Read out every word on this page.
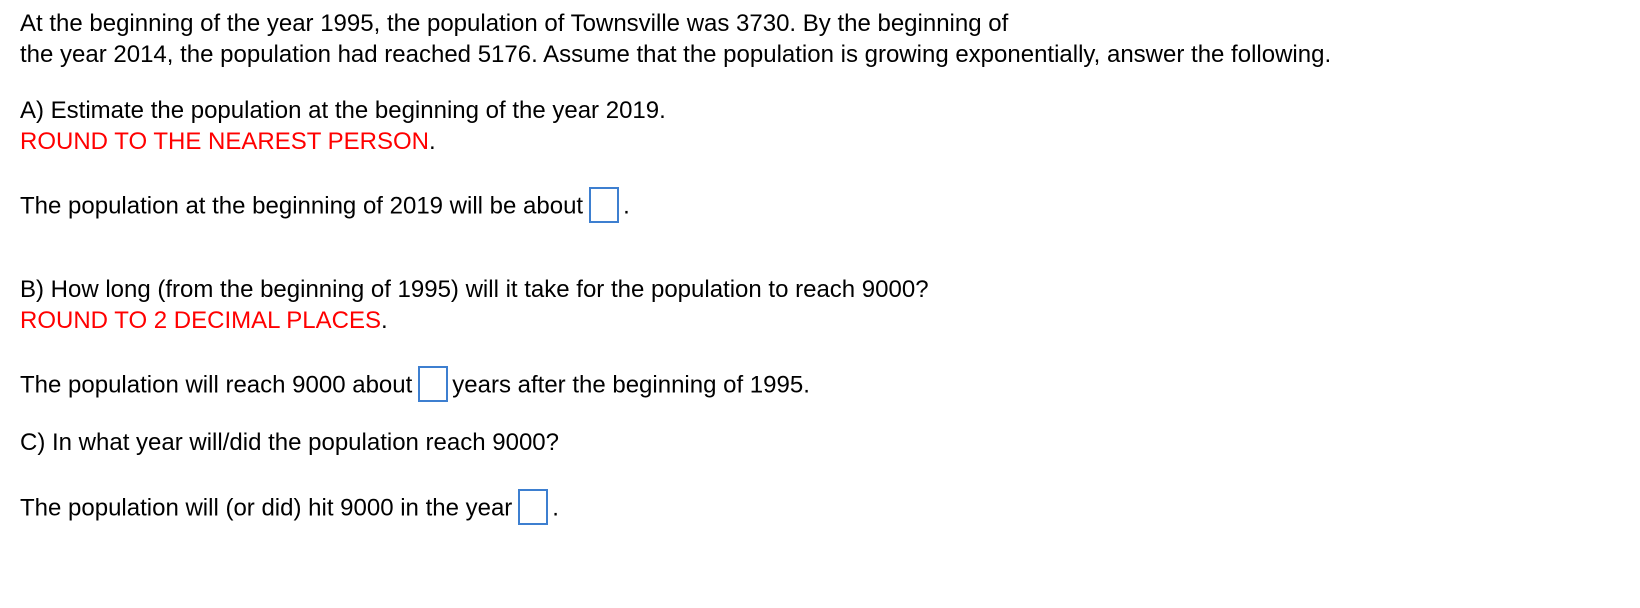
At the beginning of the year 1995, the population of Townsville was 3730. By the beginning of
the year 2014, the population had reached 5176. Assume that the population is growing exponentially, answer the following.
A) Estimate the population at the beginning of the year 2019.
ROUND TO THE NEAREST PERSON.
The population at the beginning of 2019 will be about .
B) How long (from the beginning of 1995) will it take for the population to reach 9000?
ROUND TO 2 DECIMAL PLACES.
The population will reach 9000 about years after the beginning of 1995.
C) In what year will/did the population reach 9000?
The population will (or did) hit 9000 in the year .
